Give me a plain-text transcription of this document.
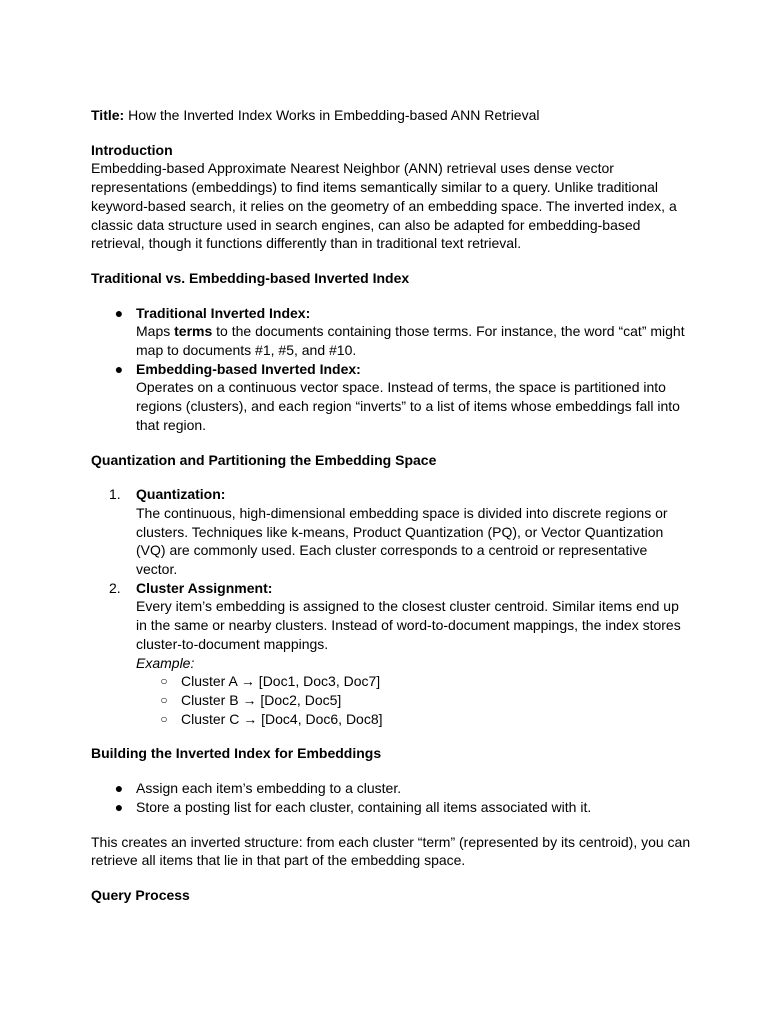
Title: How the Inverted Index Works in Embedding-based ANN Retrieval

Introduction

Embedding-based Approximate Nearest Neighbor (ANN) retrieval uses dense vector representations (embeddings) to find items semantically similar to a query. Unlike traditional keyword-based search, it relies on the geometry of an embedding space. The inverted index, a classic data structure used in search engines, can also be adapted for embedding-based retrieval, though it functions differently than in traditional text retrieval.

Traditional vs. Embedding-based Inverted Index

● Traditional Inverted Index:
Maps terms to the documents containing those terms. For instance, the word “cat” might map to documents #1, #5, and #10.
● Embedding-based Inverted Index:
Operates on a continuous vector space. Instead of terms, the space is partitioned into regions (clusters), and each region “inverts” to a list of items whose embeddings fall into that region.

Quantization and Partitioning the Embedding Space

1.	Quantization:
The continuous, high-dimensional embedding space is divided into discrete regions or clusters. Techniques like k-means, Product Quantization (PQ), or Vector Quantization (VQ) are commonly used. Each cluster corresponds to a centroid or representative vector.
2.	Cluster Assignment:
Every item’s embedding is assigned to the closest cluster centroid. Similar items end up in the same or nearby clusters. Instead of word-to-document mappings, the index stores cluster-to-document mappings.
Example:
○ Cluster A → [Doc1, Doc3, Doc7]
○ Cluster B → [Doc2, Doc5]
○ Cluster C → [Doc4, Doc6, Doc8]

Building the Inverted Index for Embeddings

● Assign each item’s embedding to a cluster.
● Store a posting list for each cluster, containing all items associated with it.

This creates an inverted structure: from each cluster “term” (represented by its centroid), you can retrieve all items that lie in that part of the embedding space.

Query Process
